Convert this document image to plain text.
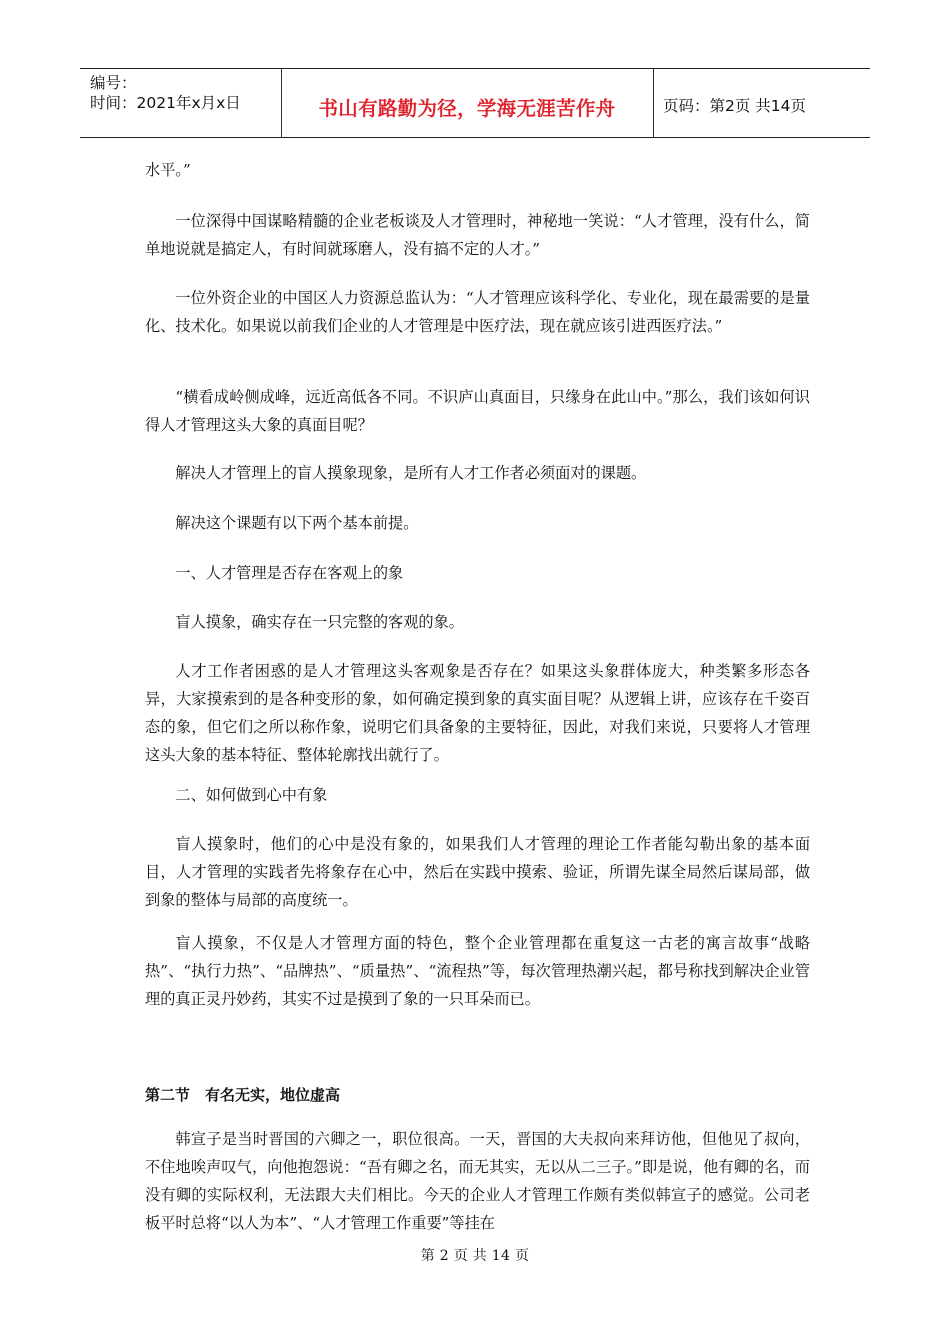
编号：
时间：2021年x月x日	书山有路勤为径，学海无涯苦作舟	页码：第2页 共14页

水平。”

一位深得中国谋略精髓的企业老板谈及人才管理时，神秘地一笑说：“人才管理，没有什么，简单地说就是搞定人，有时间就琢磨人，没有搞不定的人才。”

一位外资企业的中国区人力资源总监认为：“人才管理应该科学化、专业化，现在最需要的是量化、技术化。如果说以前我们企业的人才管理是中医疗法，现在就应该引进西医疗法。”

“横看成岭侧成峰，远近高低各不同。不识庐山真面目，只缘身在此山中。”那么，我们该如何识得人才管理这头大象的真面目呢？

解决人才管理上的盲人摸象现象，是所有人才工作者必须面对的课题。

解决这个课题有以下两个基本前提。

一、人才管理是否存在客观上的象

盲人摸象，确实存在一只完整的客观的象。

人才工作者困惑的是人才管理这头客观象是否存在？如果这头象群体庞大，种类繁多形态各异，大家摸索到的是各种变形的象，如何确定摸到象的真实面目呢？从逻辑上讲，应该存在千姿百态的象，但它们之所以称作象，说明它们具备象的主要特征，因此，对我们来说，只要将人才管理这头大象的基本特征、整体轮廓找出就行了。

二、如何做到心中有象

盲人摸象时，他们的心中是没有象的，如果我们人才管理的理论工作者能勾勒出象的基本面目，人才管理的实践者先将象存在心中，然后在实践中摸索、验证，所谓先谋全局然后谋局部，做到象的整体与局部的高度统一。

盲人摸象，不仅是人才管理方面的特色，整个企业管理都在重复这一古老的寓言故事“战略热”、“执行力热”、“品牌热”、“质量热”、“流程热”等，每次管理热潮兴起，都号称找到解决企业管理的真正灵丹妙药，其实不过是摸到了象的一只耳朵而已。

第二节　有名无实，地位虚高

韩宣子是当时晋国的六卿之一，职位很高。一天，晋国的大夫叔向来拜访他，但他见了叔向，不住地唉声叹气，向他抱怨说：“吾有卿之名，而无其实，无以从二三子。”即是说，他有卿的名，而没有卿的实际权利，无法跟大夫们相比。今天的企业人才管理工作颇有类似韩宣子的感觉。公司老板平时总将“以人为本”、“人才管理工作重要”等挂在

第 2 页 共 14 页
